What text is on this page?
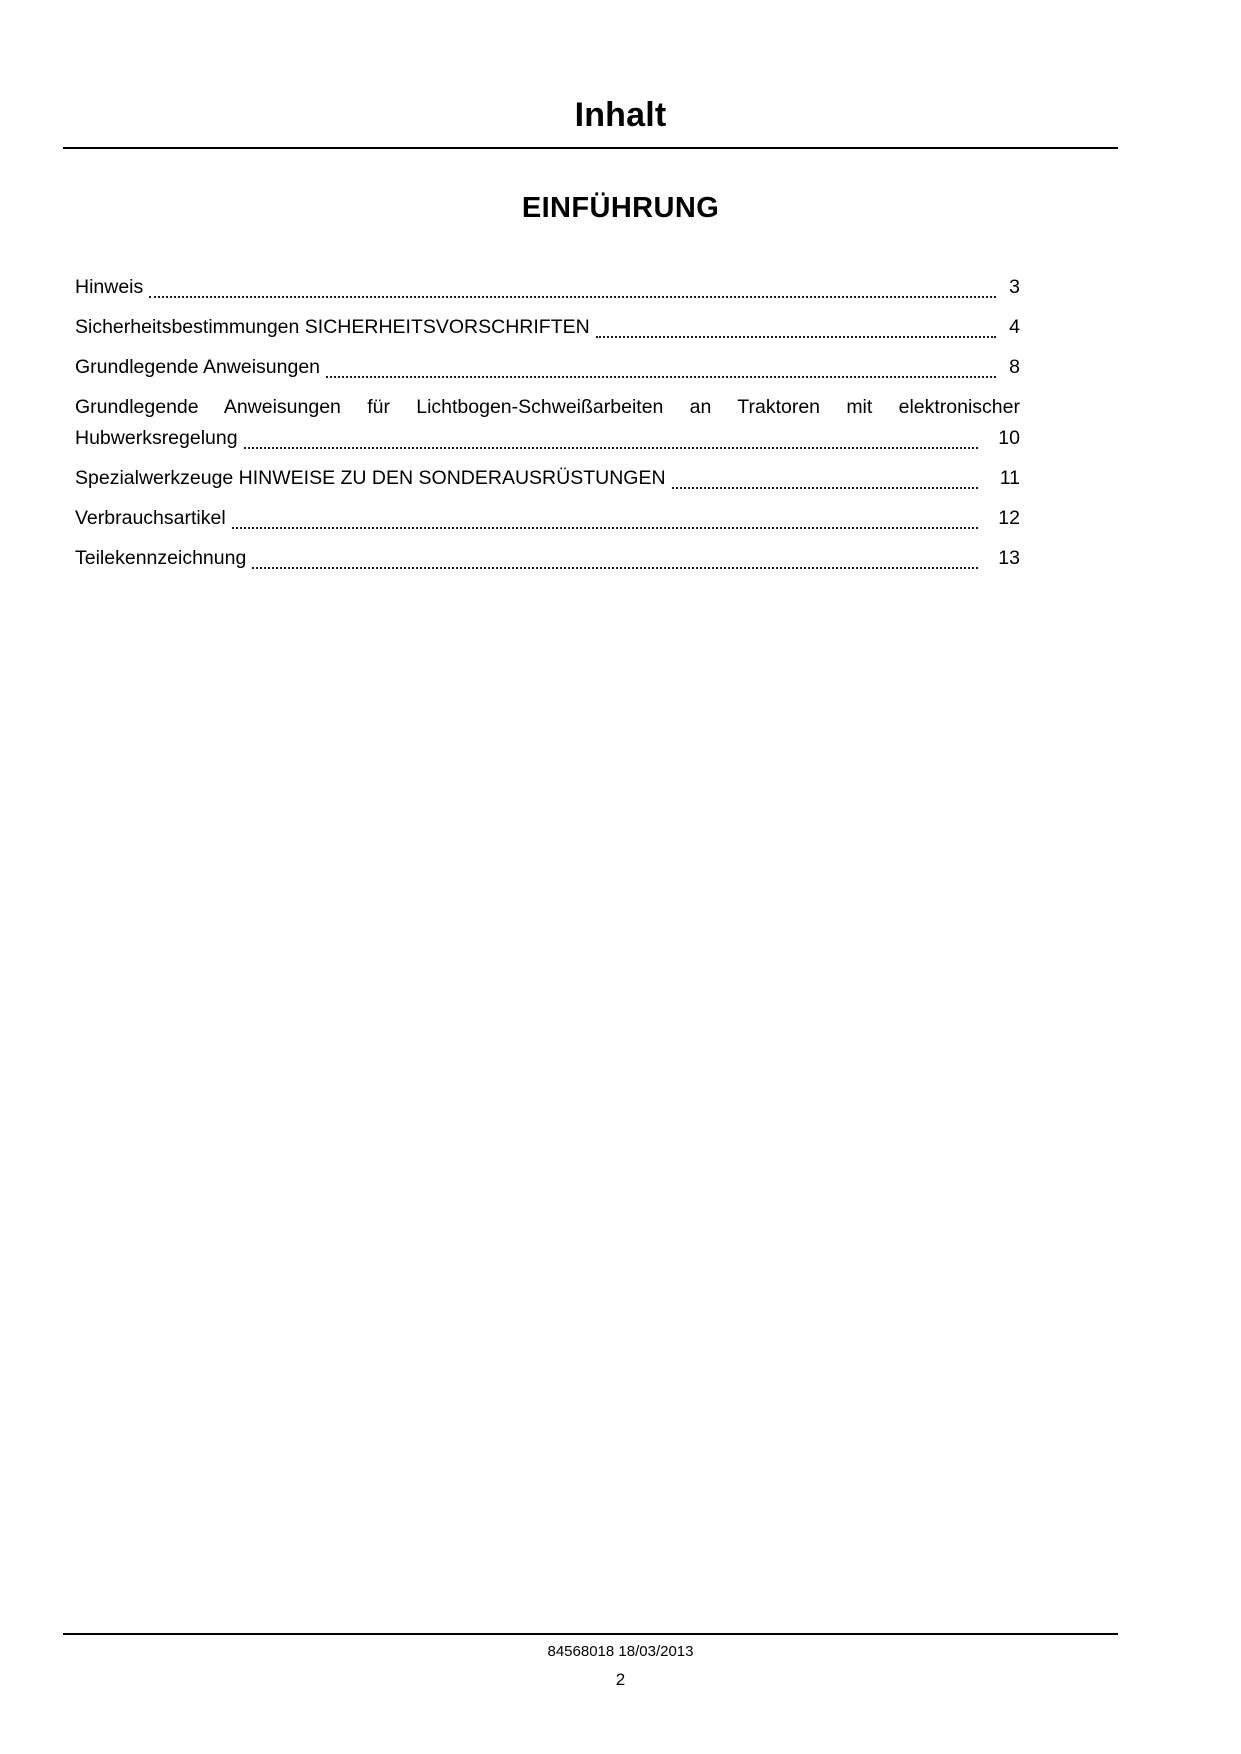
Inhalt
EINFÜHRUNG
Hinweis	3
Sicherheitsbestimmungen SICHERHEITSVORSCHRIFTEN	4
Grundlegende Anweisungen	8
Grundlegende Anweisungen für Lichtbogen-Schweißarbeiten an Traktoren mit elektronischer
Hubwerksregelung	10
Spezialwerkzeuge HINWEISE ZU DEN SONDERAUSRÜSTUNGEN	11
Verbrauchsartikel	12
Teilekennzeichnung	13
84568018 18/03/2013
2
